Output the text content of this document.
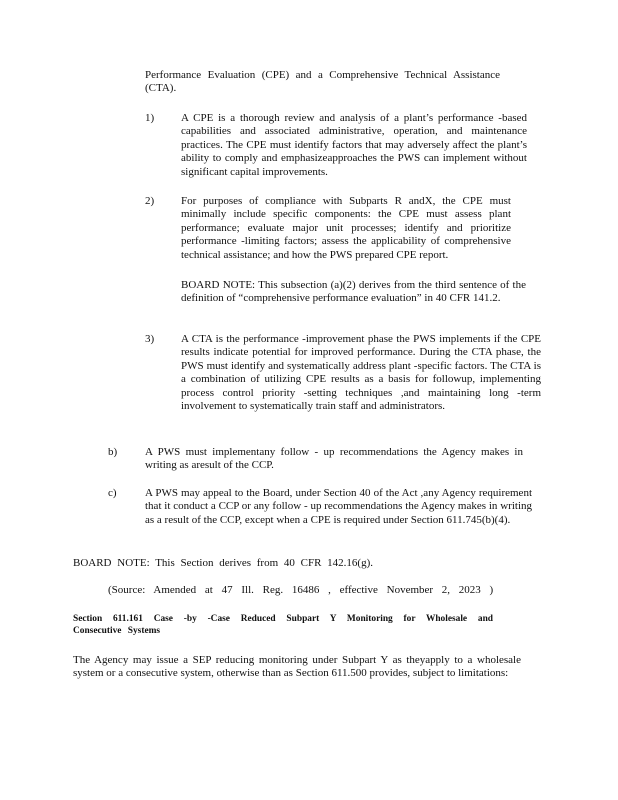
Performance Evaluation (CPE) and a Comprehensive Technical Assistance (CTA).

1) A CPE is a thorough review and analysis of a plant’s performance -based capabilities and associated administrative, operation, and maintenance practices. The CPE must identify factors that may adversely affect the plant’s ability to comply and emphasizeapproaches the PWS can implement without significant capital improvements.

2) For purposes of compliance with Subparts R andX, the CPE must minimally include specific components: the CPE must assess plant performance; evaluate major unit processes; identify and prioritize performance -limiting factors; assess the applicability of comprehensive technical assistance; and how the PWS prepared CPE report.

BOARD NOTE: This subsection (a)(2) derives from the third sentence of the definition of “comprehensive performance evaluation” in 40 CFR 141.2.

3) A CTA is the performance -improvement phase the PWS implements if the CPE results indicate potential for improved performance. During the CTA phase, the PWS must identify and systematically address plant -specific factors. The CTA is a combination of utilizing CPE results as a basis for followup, implementing process control priority -setting techniques ,and maintaining long -term involvement to systematically train staff and administrators.

b)	A PWS must implementany follow - up recommendations the Agency makes in writing as aresult of the CCP.

c)	A PWS may appeal to the Board, under Section 40 of the Act ,any Agency requirement that it conduct a CCP or any follow - up recommendations the Agency makes in writing as a result of the CCP, except when a CPE is required under Section 611.745(b)(4).

BOARD NOTE: This Section derives from 40 CFR 142.16(g).

(Source: Amended at 47 Ill. Reg. 16486 , effective November 2, 2023 )

Section 611.161 Case -by -Case Reduced Subpart Y Monitoring for Wholesale and Consecutive Systems

The Agency may issue a SEP reducing monitoring under Subpart Y as theyapply to a wholesale system or a consecutive system, otherwise than as Section 611.500 provides, subject to limitations:
